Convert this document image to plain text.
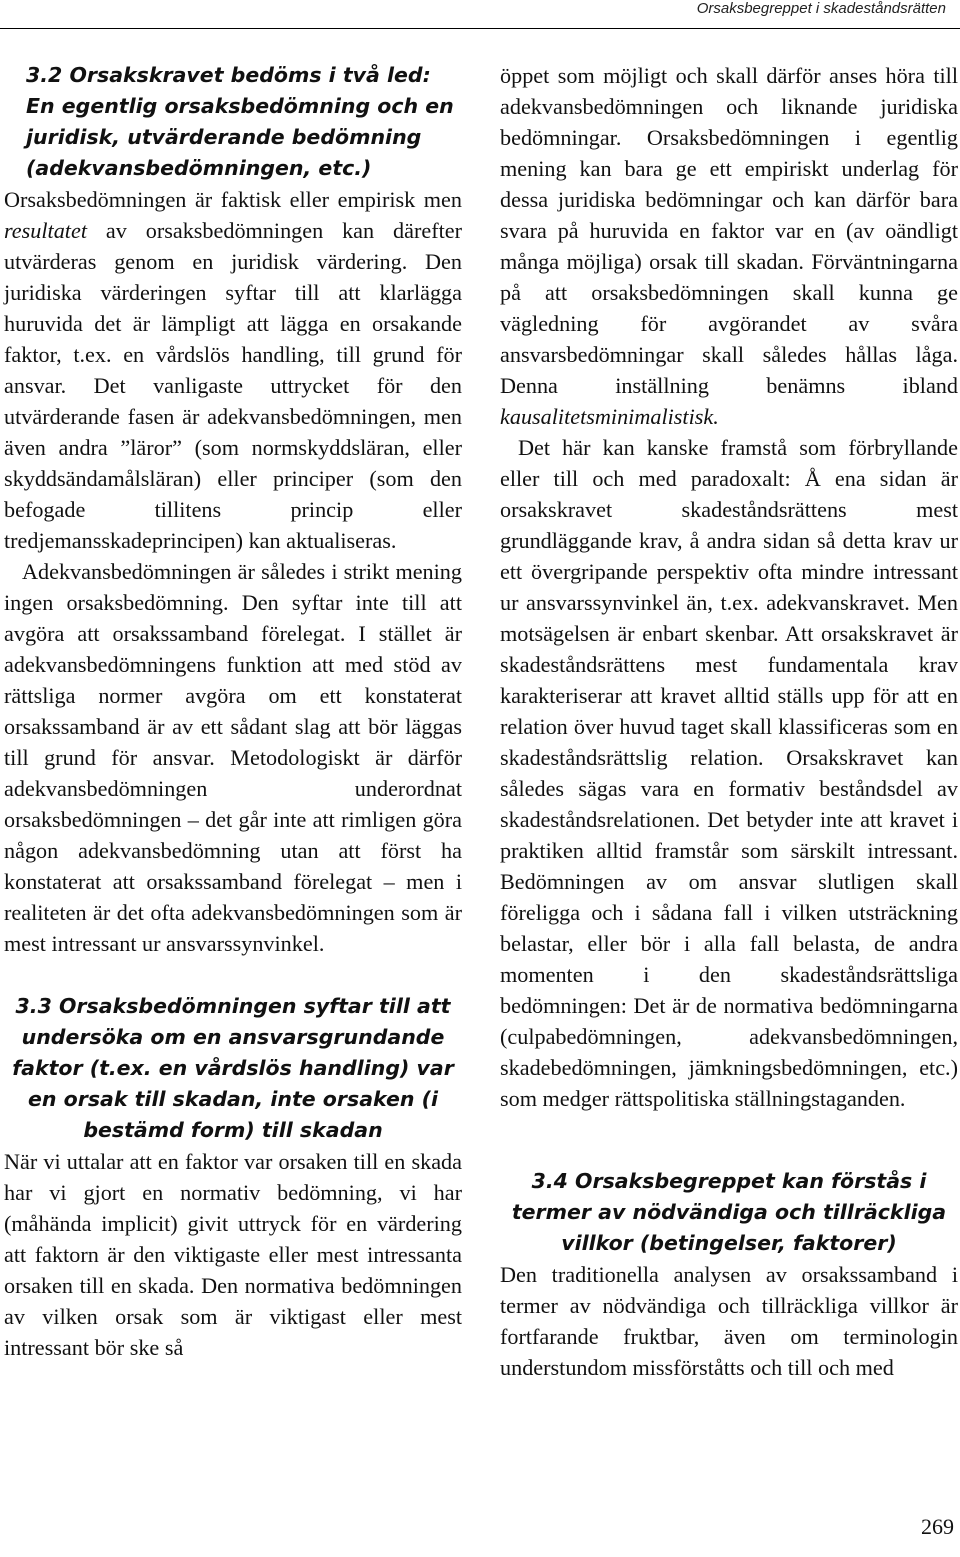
Orsaksbegreppet i skadeståndsrätten
3.2 Orsakskravet bedöms i två led: En egentlig orsaksbedömning och en juridisk, utvärderande bedömning (adekvansbedömningen, etc.)

Orsaksbedömningen är faktisk eller empirisk men resultatet av orsaksbedömningen kan därefter utvärderas genom en juridisk värdering. Den juridiska värderingen syftar till att klarlägga huruvida det är lämpligt att lägga en orsakande faktor, t.ex. en vårdslös handling, till grund för ansvar. Det vanligaste uttrycket för den utvärderande fasen är adekvansbedömningen, men även andra ”läror” (som normskyddsläran, eller skyddsändamålsläran) eller principer (som den befogade tillitens princip eller tredjemansskadeprincipen) kan aktualiseras.

Adekvansbedömningen är således i strikt mening ingen orsaksbedömning. Den syftar inte till att avgöra att orsakssamband förelegat. I stället är adekvansbedömningens funktion att med stöd av rättsliga normer avgöra om ett konstaterat orsakssamband är av ett sådant slag att bör läggas till grund för ansvar. Metodologiskt är därför adekvansbedömningen underordnat orsaksbedömningen – det går inte att rimligen göra någon adekvansbedömning utan att först ha konstaterat att orsakssamband förelegat – men i realiteten är det ofta adekvansbedömningen som är mest intressant ur ansvarssynvinkel.

3.3 Orsaksbedömningen syftar till att undersöka om en ansvarsgrundande faktor (t.ex. en vårdslös handling) var en orsak till skadan, inte orsaken (i bestämd form) till skadan

När vi uttalar att en faktor var orsaken till en skada har vi gjort en normativ bedömning, vi har (måhända implicit) givit uttryck för en värdering att faktorn är den viktigaste eller mest intressanta orsaken till en skada. Den normativa bedömningen av vilken orsak som är viktigast eller mest intressant bör ske så

öppet som möjligt och skall därför anses höra till adekvansbedömningen och liknande juridiska bedömningar. Orsaksbedömningen i egentlig mening kan bara ge ett empiriskt underlag för dessa juridiska bedömningar och kan därför bara svara på huruvida en faktor var en (av oändligt många möjliga) orsak till skadan. Förväntningarna på att orsaksbedömningen skall kunna ge vägledning för avgörandet av svåra ansvarsbedömningar skall således hållas låga. Denna inställning benämns ibland kausalitetsminimalistisk.

Det här kan kanske framstå som förbryllande eller till och med paradoxalt: Å ena sidan är orsakskravet skadeståndsrättens mest grundläggande krav, å andra sidan så detta krav ur ett övergripande perspektiv ofta mindre intressant ur ansvarssynvinkel än, t.ex. adekvanskravet. Men motsägelsen är enbart skenbar. Att orsakskravet är skadeståndsrättens mest fundamentala krav karakteriserar att kravet alltid ställs upp för att en relation över huvud taget skall klassificeras som en skadeståndsrättslig relation. Orsakskravet kan således sägas vara en formativ beståndsdel av skadeståndsrelationen. Det betyder inte att kravet i praktiken alltid framstår som särskilt intressant. Bedömningen av om ansvar slutligen skall föreligga och i sådana fall i vilken utsträckning belastar, eller bör i alla fall belasta, de andra momenten i den skadeståndsrättsliga bedömningen: Det är de normativa bedömningarna (culpabedömningen, adekvansbedömningen, skadebedömningen, jämkningsbedömningen, etc.) som medger rättspolitiska ställningstaganden.

3.4 Orsaksbegreppet kan förstås i termer av nödvändiga och tillräckliga villkor (betingelser, faktorer)

Den traditionella analysen av orsakssamband i termer av nödvändiga och tillräckliga villkor är fortfarande fruktbar, även om terminologin understundom missförståtts och till och med

269
